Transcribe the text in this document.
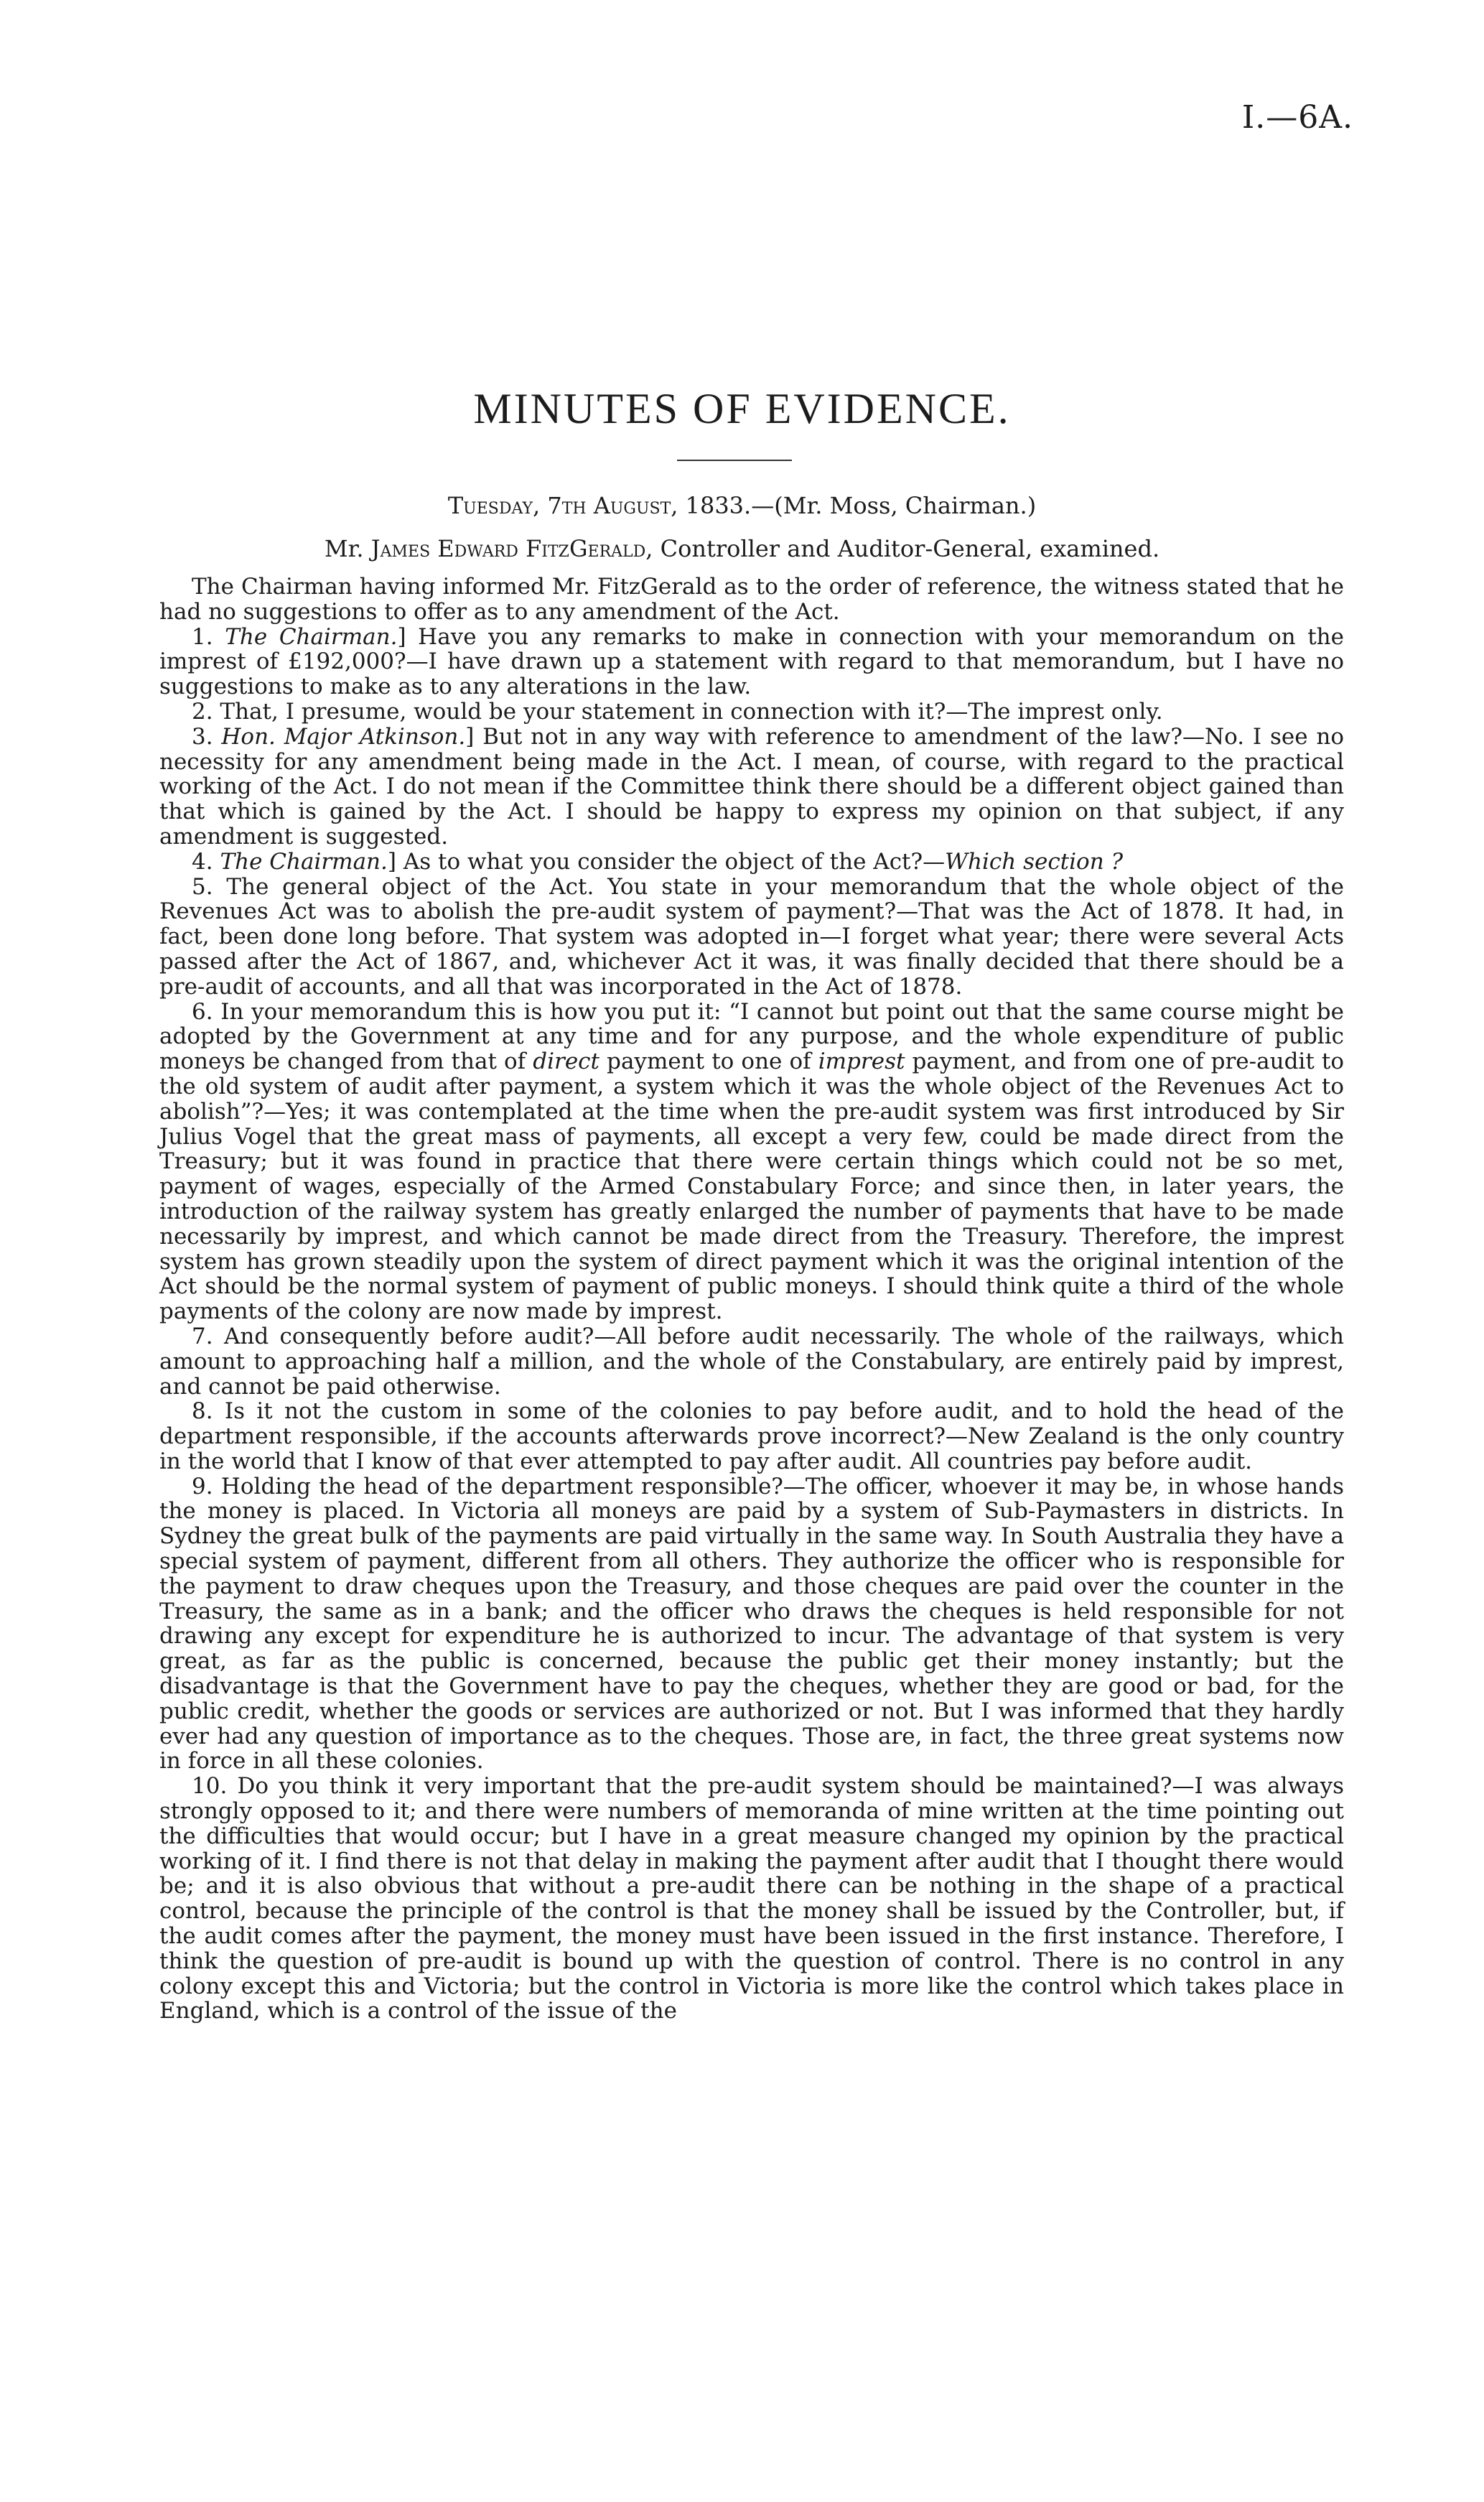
I.—6A.
MINUTES OF EVIDENCE.
Tuesday, 7th August, 1833.—(Mr. Moss, Chairman.)
Mr. James Edward FitzGerald, Controller and Auditor-General, examined.

The Chairman having informed Mr. FitzGerald as to the order of reference, the witness stated that he had no suggestions to offer as to any amendment of the Act.

1. The Chairman.] Have you any remarks to make in connection with your memorandum on the imprest of £192,000?—I have drawn up a statement with regard to that memorandum, but I have no suggestions to make as to any alterations in the law.

2. That, I presume, would be your statement in connection with it?—The imprest only.

3. Hon. Major Atkinson.] But not in any way with reference to amendment of the law?—No. I see no necessity for any amendment being made in the Act. I mean, of course, with regard to the practical working of the Act. I do not mean if the Committee think there should be a different object gained than that which is gained by the Act. I should be happy to express my opinion on that subject, if any amendment is suggested.

4. The Chairman.] As to what you consider the object of the Act?—Which section ?

5. The general object of the Act. You state in your memorandum that the whole object of the Revenues Act was to abolish the pre-audit system of payment?—That was the Act of 1878. It had, in fact, been done long before. That system was adopted in—I forget what year; there were several Acts passed after the Act of 1867, and, whichever Act it was, it was finally decided that there should be a pre-audit of accounts, and all that was incorporated in the Act of 1878.

6. In your memorandum this is how you put it: “I cannot but point out that the same course might be adopted by the Government at any time and for any purpose, and the whole expenditure of public moneys be changed from that of direct payment to one of imprest payment, and from one of pre-audit to the old system of audit after payment, a system which it was the whole object of the Revenues Act to abolish”?—Yes; it was contemplated at the time when the pre-audit system was first introduced by Sir Julius Vogel that the great mass of payments, all except a very few, could be made direct from the Treasury; but it was found in practice that there were certain things which could not be so met, payment of wages, especially of the Armed Constabulary Force; and since then, in later years, the introduction of the railway system has greatly enlarged the number of payments that have to be made necessarily by imprest, and which cannot be made direct from the Treasury. Therefore, the imprest system has grown steadily upon the system of direct payment which it was the original intention of the Act should be the normal system of payment of public moneys. I should think quite a third of the whole payments of the colony are now made by imprest.

7. And consequently before audit?—All before audit necessarily. The whole of the railways, which amount to approaching half a million, and the whole of the Constabulary, are entirely paid by imprest, and cannot be paid otherwise.

8. Is it not the custom in some of the colonies to pay before audit, and to hold the head of the department responsible, if the accounts afterwards prove incorrect?—New Zealand is the only country in the world that I know of that ever attempted to pay after audit. All countries pay before audit.

9. Holding the head of the department responsible?—The officer, whoever it may be, in whose hands the money is placed. In Victoria all moneys are paid by a system of Sub-Paymasters in districts. In Sydney the great bulk of the payments are paid virtually in the same way. In South Australia they have a special system of payment, different from all others. They authorize the officer who is responsible for the payment to draw cheques upon the Treasury, and those cheques are paid over the counter in the Treasury, the same as in a bank; and the officer who draws the cheques is held responsible for not drawing any except for expenditure he is authorized to incur. The advantage of that system is very great, as far as the public is concerned, because the public get their money instantly; but the disadvantage is that the Government have to pay the cheques, whether they are good or bad, for the public credit, whether the goods or services are authorized or not. But I was informed that they hardly ever had any question of importance as to the cheques. Those are, in fact, the three great systems now in force in all these colonies.

10. Do you think it very important that the pre-audit system should be maintained?—I was always strongly opposed to it; and there were numbers of memoranda of mine written at the time pointing out the difficulties that would occur; but I have in a great measure changed my opinion by the practical working of it. I find there is not that delay in making the payment after audit that I thought there would be; and it is also obvious that without a pre-audit there can be nothing in the shape of a practical control, because the principle of the control is that the money shall be issued by the Controller, but, if the audit comes after the payment, the money must have been issued in the first instance. Therefore, I think the question of pre-audit is bound up with the question of control. There is no control in any colony except this and Victoria; but the control in Victoria is more like the control which takes place in England, which is a control of the issue of the
